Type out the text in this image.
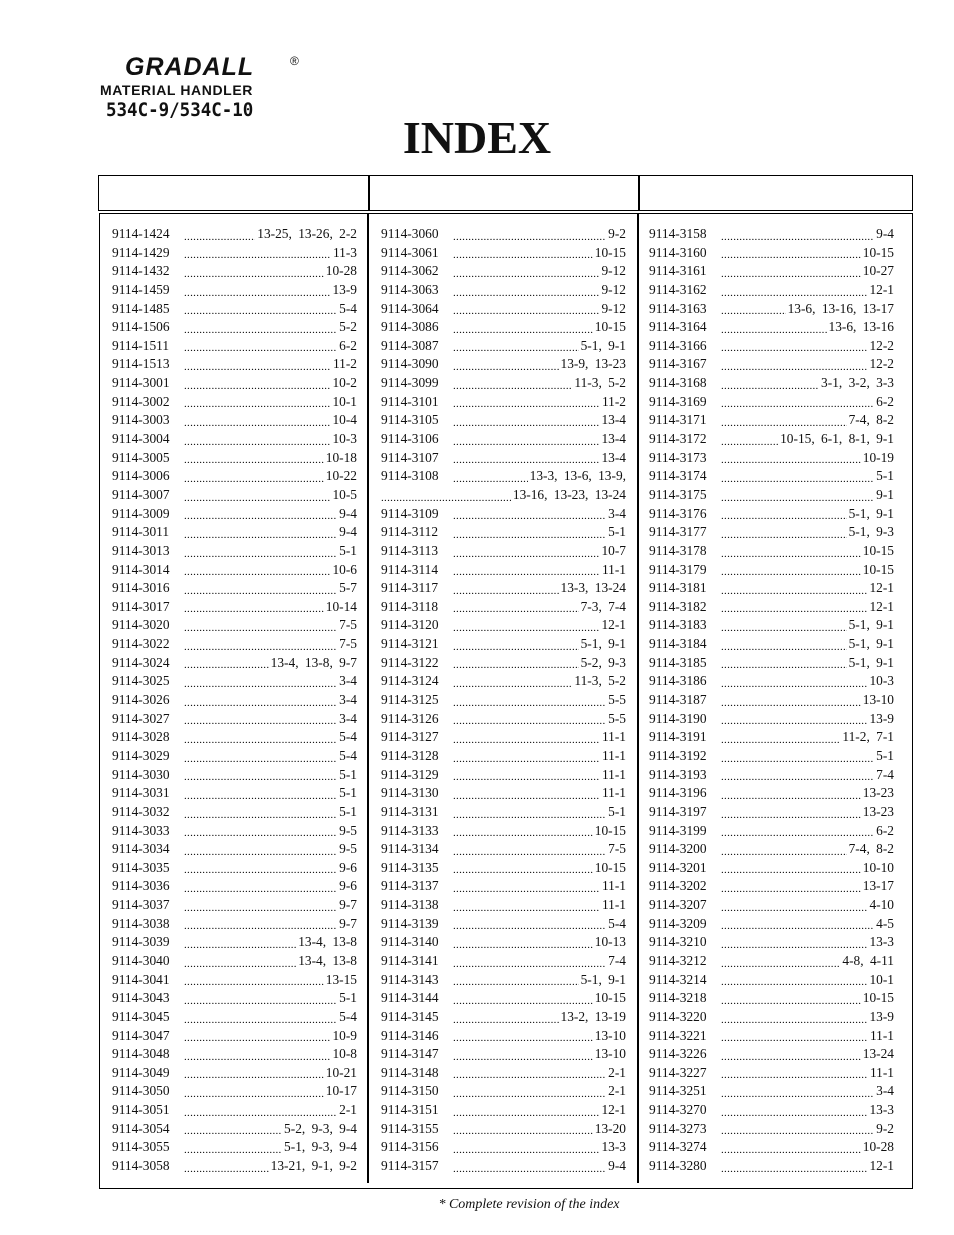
GRADALL	®
MATERIAL HANDLER
534C-9/534C-10
INDEX
9114-1424 .....	13-25, 13-26, 2-2
9114-1429 .....	11-3
9114-1432 .....	10-28
9114-1459 .....	13-9
9114-1485 .....	5-4
9114-1506 .....	5-2
9114-1511 .....	6-2
9114-1513 .....	11-2
9114-3001 .....	10-2
9114-3002 .....	10-1
9114-3003 .....	10-4
9114-3004 .....	10-3
9114-3005 .....	10-18
9114-3006 .....	10-22
9114-3007 .....	10-5
9114-3009 .....	9-4
9114-3011 .....	9-4
9114-3013 .....	5-1
9114-3014 .....	10-6
9114-3016 .....	5-7
9114-3017 .....	10-14
9114-3020 .....	7-5
9114-3022 .....	7-5
9114-3024 .....	13-4, 13-8, 9-7
9114-3025 .....	3-4
9114-3026 .....	3-4
9114-3027 .....	3-4
9114-3028 .....	5-4
9114-3029 .....	5-4
9114-3030 .....	5-1
9114-3031 .....	5-1
9114-3032 .....	5-1
9114-3033 .....	9-5
9114-3034 .....	9-5
9114-3035 .....	9-6
9114-3036 .....	9-6
9114-3037 .....	9-7
9114-3038 .....	9-7
9114-3039 .....	13-4, 13-8
9114-3040 .....	13-4, 13-8
9114-3041 .....	13-15
9114-3043 .....	5-1
9114-3045 .....	5-4
9114-3047 .....	10-9
9114-3048 .....	10-8
9114-3049 .....	10-21
9114-3050 .....	10-17
9114-3051 .....	2-1
9114-3054 .....	5-2, 9-3, 9-4
9114-3055 .....	5-1, 9-3, 9-4
9114-3058 .....	13-21, 9-1, 9-2
9114-3060 .....	9-2
9114-3061 .....	10-15
9114-3062 .....	9-12
9114-3063 .....	9-12
9114-3064 .....	9-12
9114-3086 .....	10-15
9114-3087 .....	5-1, 9-1
9114-3090 .....	13-9, 13-23
9114-3099 .....	11-3, 5-2
9114-3101 .....	11-2
9114-3105 .....	13-4
9114-3106 .....	13-4
9114-3107 .....	13-4
9114-3108 .....	13-3, 13-6, 13-9,
.....
13-16, 13-23, 13-24
9114-3109 .....	3-4
9114-3112 .....	5-1
9114-3113 .....	10-7
9114-3114 .....	11-1
9114-3117 .....	13-3, 13-24
9114-3118 .....	7-3, 7-4
9114-3120 .....	12-1
9114-3121 .....	5-1, 9-1
9114-3122 .....	5-2, 9-3
9114-3124 .....	11-3, 5-2
9114-3125 .....	5-5
9114-3126 .....	5-5
9114-3127 .....	11-1
9114-3128 .....	11-1
9114-3129 .....	11-1
9114-3130 .....	11-1
9114-3131 .....	5-1
9114-3133 .....	10-15
9114-3134 .....	7-5
9114-3135 .....	10-15
9114-3137 .....	11-1
9114-3138 .....	11-1
9114-3139 .....	5-4
9114-3140 .....	10-13
9114-3141 .....	7-4
9114-3143 .....	5-1, 9-1
9114-3144 .....	10-15
9114-3145 .....	13-2, 13-19
9114-3146 .....	13-10
9114-3147 .....	13-10
9114-3148 .....	2-1
9114-3150 .....	2-1
9114-3151 .....	12-1
9114-3155 .....	13-20
9114-3156 .....	13-3
9114-3157 .....	9-4
9114-3158 .....	9-4
9114-3160 .....	10-15
9114-3161 .....	10-27
9114-3162 .....	12-1
9114-3163 .....	13-6, 13-16, 13-17
9114-3164 .....	13-6, 13-16
9114-3166 .....	12-2
9114-3167 .....	12-2
9114-3168 .....	3-1, 3-2, 3-3
9114-3169 .....	6-2
9114-3171 .....	7-4, 8-2
9114-3172 .....	10-15, 6-1, 8-1, 9-1
9114-3173 .....	10-19
9114-3174 .....	5-1
9114-3175 .....	9-1
9114-3176 .....	5-1, 9-1
9114-3177 .....	5-1, 9-3
9114-3178 .....	10-15
9114-3179 .....	10-15
9114-3181 .....	12-1
9114-3182 .....	12-1
9114-3183 .....	5-1, 9-1
9114-3184 .....	5-1, 9-1
9114-3185 .....	5-1, 9-1
9114-3186 .....	10-3
9114-3187 .....	13-10
9114-3190 .....	13-9
9114-3191 .....	11-2, 7-1
9114-3192 .....	5-1
9114-3193 .....	7-4
9114-3196 .....	13-23
9114-3197 .....	13-23
9114-3199 .....	6-2
9114-3200 .....	7-4, 8-2
9114-3201 .....	10-10
9114-3202 .....	13-17
9114-3207 .....	4-10
9114-3209 .....	4-5
9114-3210 .....	13-3
9114-3212 .....	4-8, 4-11
9114-3214 .....	10-1
9114-3218 .....	10-15
9114-3220 .....	13-9
9114-3221 .....	11-1
9114-3226 .....	13-24
9114-3227 .....	11-1
9114-3251 .....	3-4
9114-3270 .....	13-3
9114-3273 .....	9-2
9114-3274 .....	10-28
9114-3280 .....	12-1
* Complete revision of the index
